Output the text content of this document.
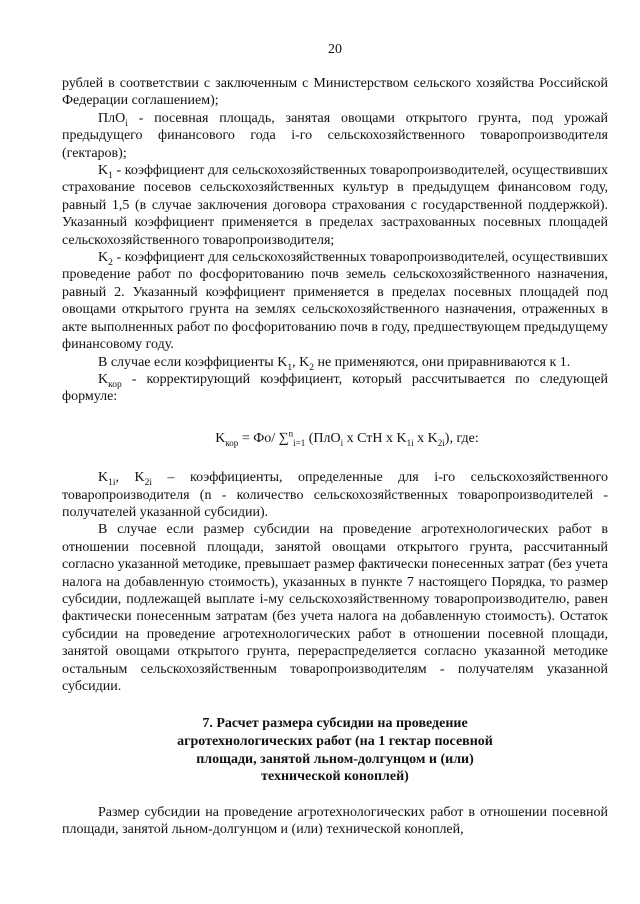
20

рублей в соответствии с заключенным с Министерством сельского хозяйства Российской Федерации соглашением);

ПлО$_i$ - посевная площадь, занятая овощами открытого грунта, под урожай предыдущего финансового года i-го сельскохозяйственного товаропроизводителя (гектаров);

$K_1$ - коэффициент для сельскохозяйственных товаропроизводителей, осуществивших страхование посевов сельскохозяйственных культур в предыдущем финансовом году, равный 1,5 (в случае заключения договора страхования с государственной поддержкой). Указанный коэффициент применяется в пределах застрахованных посевных площадей сельскохозяйственного товаропроизводителя;

$K_2$ - коэффициент для сельскохозяйственных товаропроизводителей, осуществивших проведение работ по фосфоритованию почв земель сельскохозяйственного назначения, равный 2. Указанный коэффициент применяется в пределах посевных площадей под овощами открытого грунта на землях сельскохозяйственного назначения, отраженных в акте выполненных работ по фосфоритованию почв в году, предшествующем предыдущему финансовому году.

В случае если коэффициенты $K_1$, $K_2$ не применяются, они приравниваются к 1.

$K_{кор}$ - корректирующий коэффициент, который рассчитывается по следующей формуле:

$K_{кор} = Фо/$ ∑$^n_{i=1}$ (ПлО$_i$ x СтН x $K_{1i}$ x $K_{2i}$), где:

$K_{1i}$, $K_{2i}$ – коэффициенты, определенные для i-го сельскохозяйственного товаропроизводителя (n - количество сельскохозяйственных товаропроизводителей - получателей указанной субсидии).

В случае если размер субсидии на проведение агротехнологических работ в отношении посевной площади, занятой овощами открытого грунта, рассчитанный согласно указанной методике, превышает размер фактически понесенных затрат (без учета налога на добавленную стоимость), указанных в пункте 7 настоящего Порядка, то размер субсидии, подлежащей выплате i-му сельскохозяйственному товаропроизводителю, равен фактически понесенным затратам (без учета налога на добавленную стоимость). Остаток субсидии на проведение агротехнологических работ в отношении посевной площади, занятой овощами открытого грунта, перераспределяется согласно указанной методике остальным сельскохозяйственным товаропроизводителям - получателям указанной субсидии.

7. Расчет размера субсидии на проведение
агротехнологических работ (на 1 гектар посевной
площади, занятой льном-долгунцом и (или)
технической коноплей)

Размер субсидии на проведение агротехнологических работ в отношении посевной площади, занятой льном-долгунцом и (или) технической коноплей,
